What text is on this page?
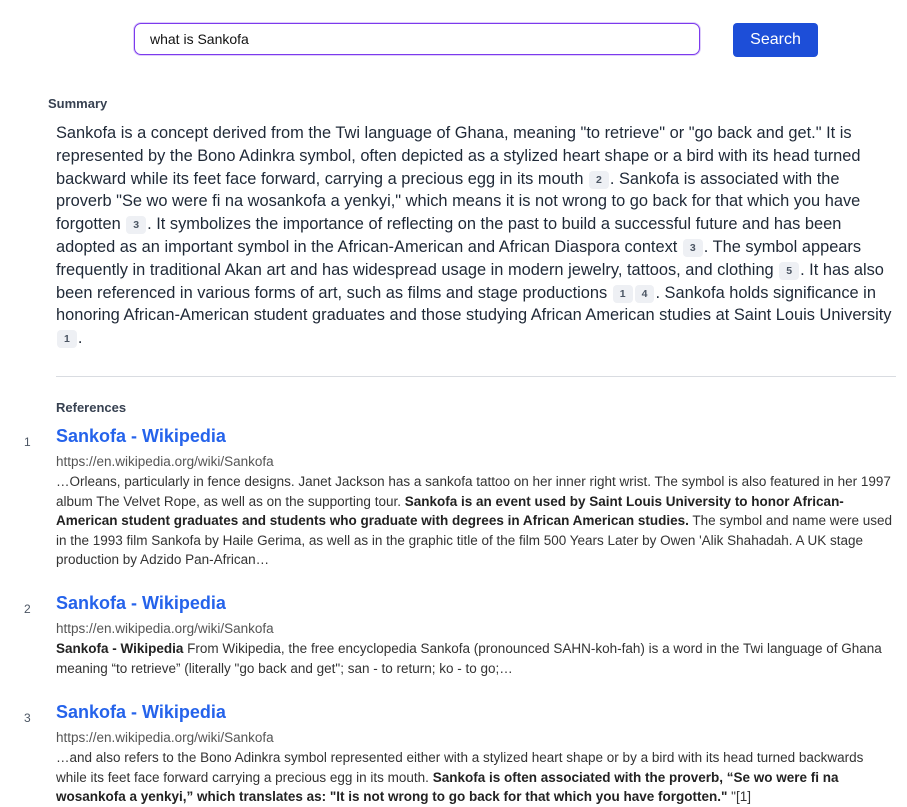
what is Sankofa
Search
Summary
Sankofa is a concept derived from the Twi language of Ghana, meaning "to retrieve" or "go back and get." It is represented by the Bono Adinkra symbol, often depicted as a stylized heart shape or a bird with its head turned backward while its feet face forward, carrying a precious egg in its mouth 2 . Sankofa is associated with the proverb "Se wo were fi na wosankofa a yenkyi," which means it is not wrong to go back for that which you have forgotten 3 . It symbolizes the importance of reflecting on the past to build a successful future and has been adopted as an important symbol in the African-American and African Diaspora context 3 . The symbol appears frequently in traditional Akan art and has widespread usage in modern jewelry, tattoos, and clothing 5 . It has also been referenced in various forms of art, such as films and stage productions 1 4 . Sankofa holds significance in honoring African-American student graduates and those studying African American studies at Saint Louis University 1 .
References
1 Sankofa - Wikipedia
https://en.wikipedia.org/wiki/Sankofa
…Orleans, particularly in fence designs. Janet Jackson has a sankofa tattoo on her inner right wrist. The symbol is also featured in her 1997 album The Velvet Rope, as well as on the supporting tour. Sankofa is an event used by Saint Louis University to honor African-American student graduates and students who graduate with degrees in African American studies. The symbol and name were used in the 1993 film Sankofa by Haile Gerima, as well as in the graphic title of the film 500 Years Later by Owen 'Alik Shahadah. A UK stage production by Adzido Pan-African…
2 Sankofa - Wikipedia
https://en.wikipedia.org/wiki/Sankofa
Sankofa - Wikipedia From Wikipedia, the free encyclopedia Sankofa (pronounced SAHN-koh-fah) is a word in the Twi language of Ghana meaning “to retrieve” (literally "go back and get"; san - to return; ko - to go;…
3 Sankofa - Wikipedia
https://en.wikipedia.org/wiki/Sankofa
…and also refers to the Bono Adinkra symbol represented either with a stylized heart shape or by a bird with its head turned backwards while its feet face forward carrying a precious egg in its mouth. Sankofa is often associated with the proverb, “Se wo were fi na wosankofa a yenkyi,” which translates as: "It is not wrong to go back for that which you have forgotten." "[1]
